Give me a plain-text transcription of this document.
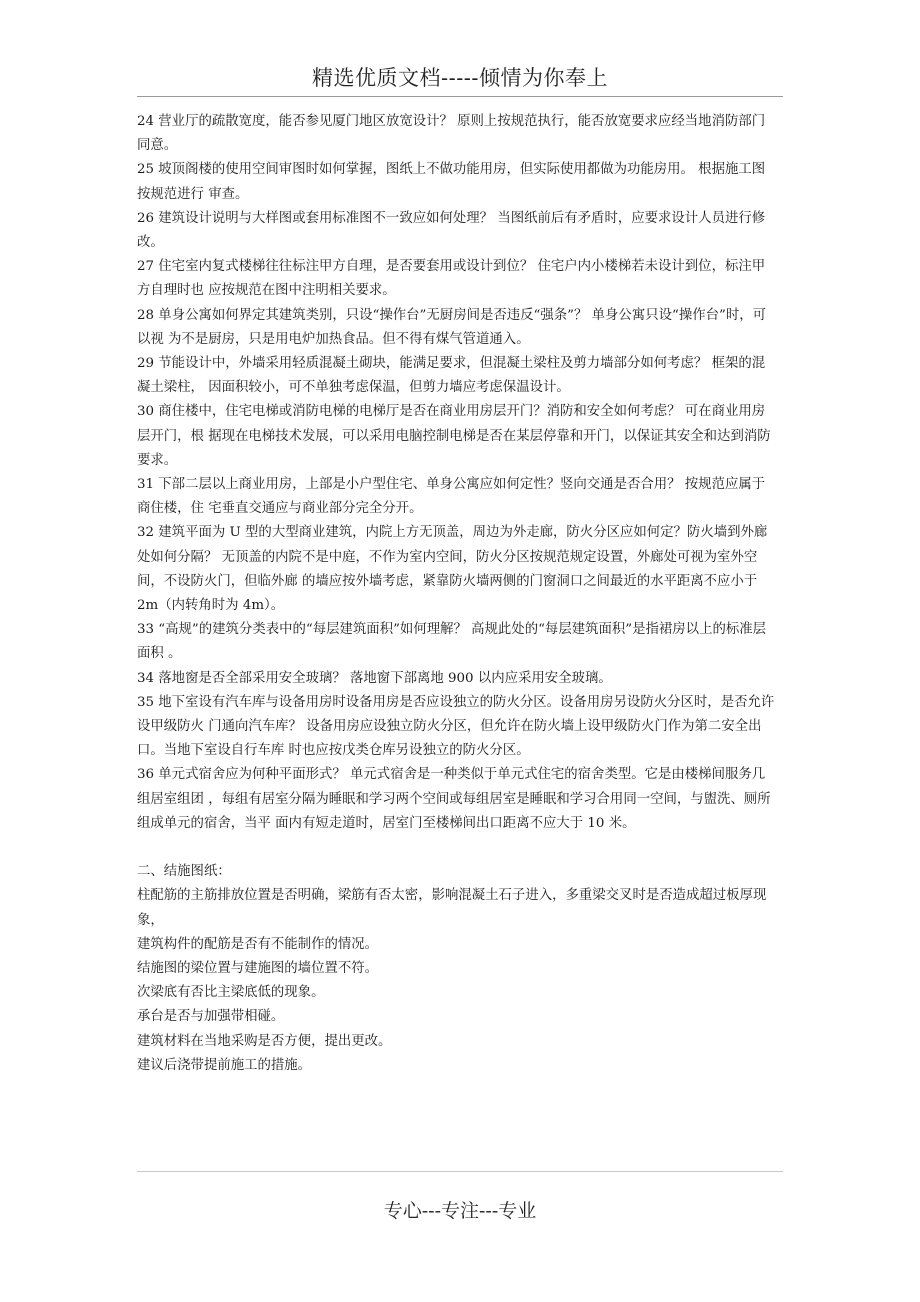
精选优质文档-----倾情为你奉上

24 营业厅的疏散宽度，能否参见厦门地区放宽设计？ 原则上按规范执行，能否放宽要求应经当地消防部门同意。

25 坡顶阁楼的使用空间审图时如何掌握，图纸上不做功能用房，但实际使用都做为功能房用。 根据施工图按规范进行 审查。

26 建筑设计说明与大样图或套用标准图不一致应如何处理？ 当图纸前后有矛盾时，应要求设计人员进行修改。

27 住宅室内复式楼梯往往标注甲方自理，是否要套用或设计到位？ 住宅户内小楼梯若未设计到位，标注甲方自理时也 应按规范在图中注明相关要求。

28 单身公寓如何界定其建筑类别，只设“操作台”无厨房间是否违反“强条”？ 单身公寓只设“操作台”时，可以视 为不是厨房，只是用电炉加热食品。但不得有煤气管道通入。

29 节能设计中，外墙采用轻质混凝土砌块，能满足要求，但混凝土梁柱及剪力墙部分如何考虑？ 框架的混凝土梁柱， 因面积较小，可不单独考虑保温，但剪力墙应考虑保温设计。

30 商住楼中，住宅电梯或消防电梯的电梯厅是否在商业用房层开门？消防和安全如何考虑？ 可在商业用房层开门，根 据现在电梯技术发展，可以采用电脑控制电梯是否在某层停靠和开门，以保证其安全和达到消防要求。

31 下部二层以上商业用房，上部是小户型住宅、单身公寓应如何定性？竖向交通是否合用？ 按规范应属于商住楼，住 宅垂直交通应与商业部分完全分开。

32 建筑平面为 U 型的大型商业建筑，内院上方无顶盖，周边为外走廊，防火分区应如何定？防火墙到外廊处如何分隔？ 无顶盖的内院不是中庭，不作为室内空间，防火分区按规范规定设置，外廊处可视为室外空间，不设防火门，但临外廊 的墙应按外墙考虑，紧靠防火墙两侧的门窗洞口之间最近的水平距离不应小于 2m（内转角时为 4m）。

33 “高规”的建筑分类表中的“每层建筑面积”如何理解？ 高规此处的“每层建筑面积”是指裙房以上的标准层面积 。

34 落地窗是否全部采用安全玻璃？ 落地窗下部离地 900 以内应采用安全玻璃。

35 地下室设有汽车库与设备用房时设备用房是否应设独立的防火分区。设备用房另设防火分区时，是否允许设甲级防火 门通向汽车库？ 设备用房应设独立防火分区，但允许在防火墙上设甲级防火门作为第二安全出口。当地下室设自行车库 时也应按戊类仓库另设独立的防火分区。

36 单元式宿舍应为何种平面形式？ 单元式宿舍是一种类似于单元式住宅的宿舍类型。它是由楼梯间服务几组居室组团 ，每组有居室分隔为睡眠和学习两个空间或每组居室是睡眠和学习合用同一空间，与盥洗、厕所组成单元的宿舍，当平 面内有短走道时，居室门至楼梯间出口距离不应大于 10 米。

二、结施图纸：

柱配筋的主筋排放位置是否明确，梁筋有否太密，影响混凝土石子进入，多重梁交叉时是否造成超过板厚现象，

建筑构件的配筋是否有不能制作的情况。

结施图的梁位置与建施图的墙位置不符。

次梁底有否比主梁底低的现象。

承台是否与加强带相碰。

建筑材料在当地采购是否方便，提出更改。

建议后浇带提前施工的措施。

专心---专注---专业
